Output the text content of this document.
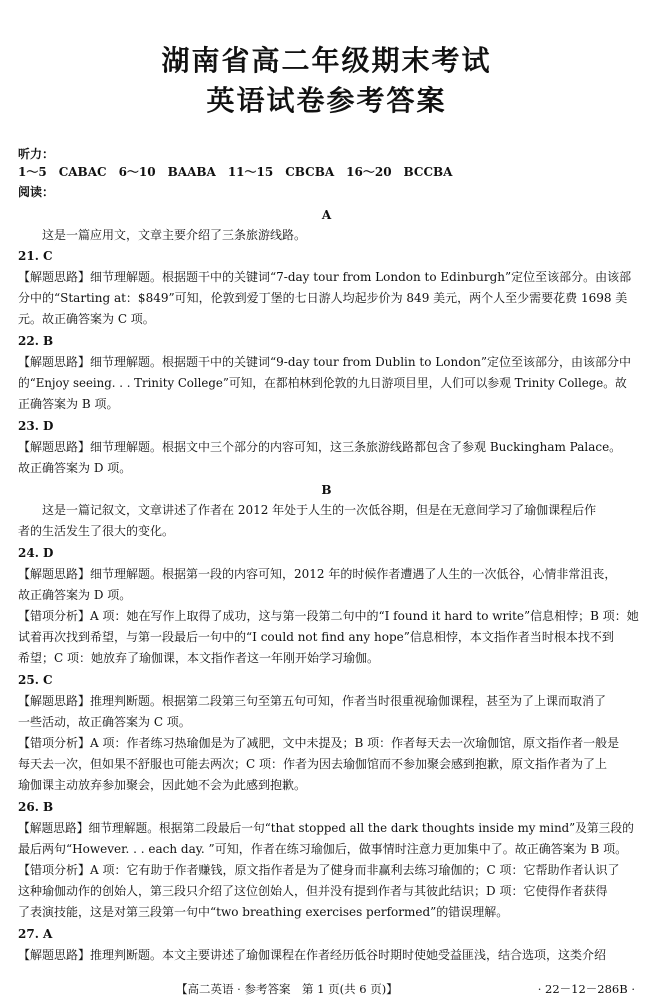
湖南省高二年级期末考试
英语试卷参考答案
听力：
1～5　CABAC　6～10　BAABA　11～15　CBCBA　16～20　BCCBA
阅读：
A
这是一篇应用文，文章主要介绍了三条旅游线路。
21. C
【解题思路】细节理解题。根据题干中的关键词“7-day tour from London to Edinburgh”定位至该部分。由该部
分中的“Starting at：$849”可知，伦敦到爱丁堡的七日游人均起步价为 849 美元，两个人至少需要花费 1698 美
元。故正确答案为 C 项。
22. B
【解题思路】细节理解题。根据题干中的关键词“9-day tour from Dublin to London”定位至该部分，由该部分中
的“Enjoy seeing. . . Trinity College”可知，在都柏林到伦敦的九日游项目里，人们可以参观 Trinity College。故
正确答案为 B 项。
23. D
【解题思路】细节理解题。根据文中三个部分的内容可知，这三条旅游线路都包含了参观 Buckingham Palace。
故正确答案为 D 项。
B
这是一篇记叙文，文章讲述了作者在 2012 年处于人生的一次低谷期，但是在无意间学习了瑜伽课程后作
者的生活发生了很大的变化。
24. D
【解题思路】细节理解题。根据第一段的内容可知，2012 年的时候作者遭遇了人生的一次低谷，心情非常沮丧，
故正确答案为 D 项。
【错项分析】A 项：她在写作上取得了成功，这与第一段第二句中的“I found it hard to write”信息相悖；B 项：她
试着再次找到希望，与第一段最后一句中的“I could not find any hope”信息相悖，本文指作者当时根本找不到
希望；C 项：她放弃了瑜伽课，本文指作者这一年刚开始学习瑜伽。
25. C
【解题思路】推理判断题。根据第二段第三句至第五句可知，作者当时很重视瑜伽课程，甚至为了上课而取消了
一些活动，故正确答案为 C 项。
【错项分析】A 项：作者练习热瑜伽是为了减肥，文中未提及；B 项：作者每天去一次瑜伽馆，原文指作者一般是
每天去一次，但如果不舒服也可能去两次；C 项：作者为因去瑜伽馆而不参加聚会感到抱歉，原文指作者为了上
瑜伽课主动放弃参加聚会，因此她不会为此感到抱歉。
26. B
【解题思路】细节理解题。根据第二段最后一句“that stopped all the dark thoughts inside my mind”及第三段的
最后两句“However. . . each day. ”可知，作者在练习瑜伽后，做事情时注意力更加集中了。故正确答案为 B 项。
【错项分析】A 项：它有助于作者赚钱，原文指作者是为了健身而非赢利去练习瑜伽的；C 项：它帮助作者认识了
这种瑜伽动作的创始人，第三段只介绍了这位创始人，但并没有提到作者与其彼此结识；D 项：它使得作者获得
了表演技能，这是对第三段第一句中“two breathing exercises performed”的错误理解。
27. A
【解题思路】推理判断题。本文主要讲述了瑜伽课程在作者经历低谷时期时使她受益匪浅，结合选项，这类介绍
【高二英语 · 参考答案　第 1 页(共 6 页)】	· 22－12－286B ·
